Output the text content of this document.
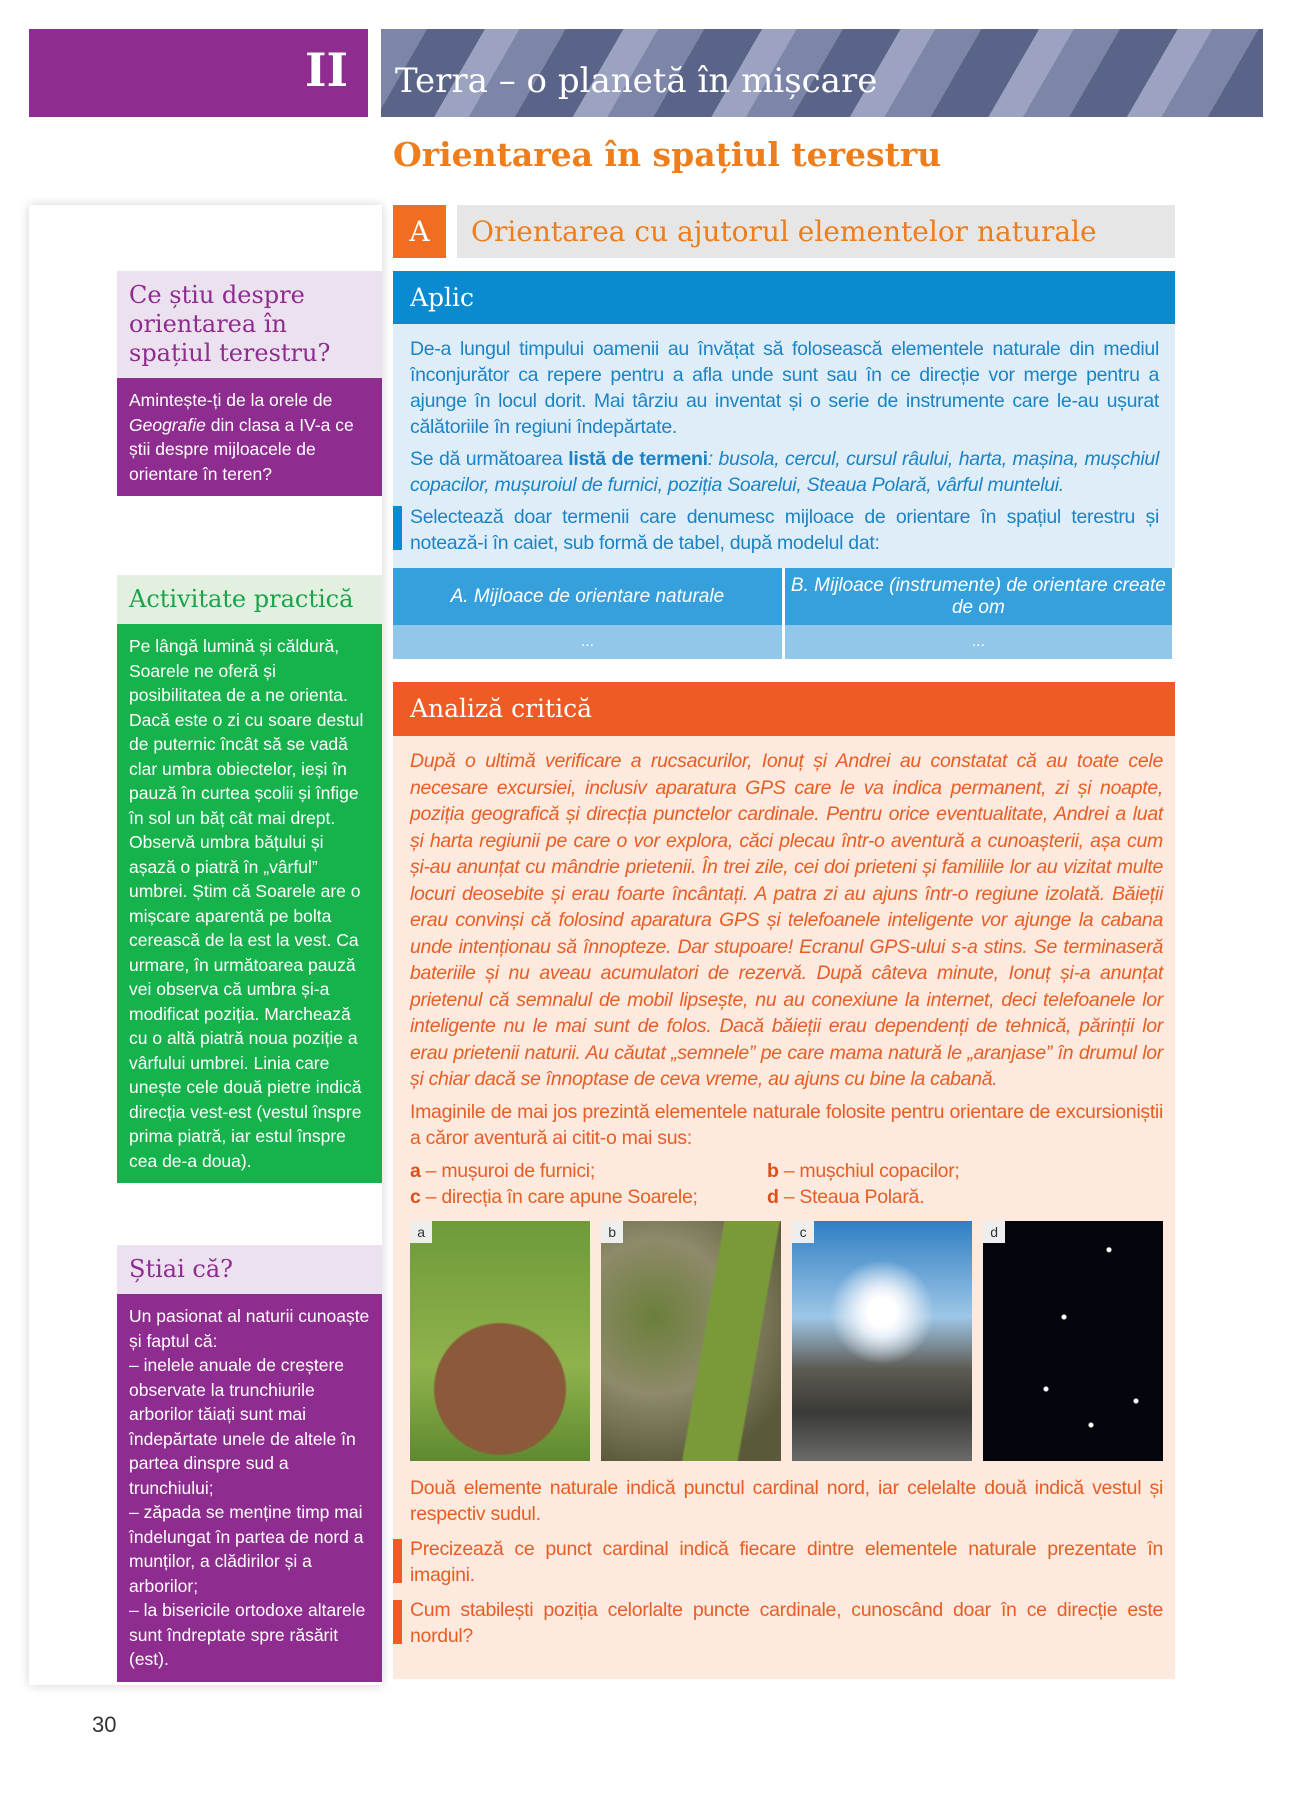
II	Terra – o planetă în mișcare
Orientarea în spațiul terestru
A	Orientarea cu ajutorul elementelor naturale
Aplic

De-a lungul timpului oamenii au învățat să folosească elementele naturale din mediul înconjurător ca repere pentru a afla unde sunt sau în ce direcție vor merge pentru a ajunge în locul dorit. Mai târziu au inventat și o serie de instrumente care le-au ușurat călătoriile în regiuni îndepărtate.

Se dă următoarea listă de termeni: busola, cercul, cursul râului, harta, mașina, mușchiul copacilor, mușuroiul de furnici, poziția Soarelui, Steaua Polară, vârful muntelui.

Selectează doar termenii care denumesc mijloace de orientare în spațiul terestru și notează-i în caiet, sub formă de tabel, după modelul dat:

A. Mijloace de orientare naturale	B. Mijloace (instrumente) de orientare create de om
...	...
Analiză critică

După o ultimă verificare a rucsacurilor, Ionuț și Andrei au constatat că au toate cele necesare excursiei, inclusiv aparatura GPS care le va indica permanent, zi și noapte, poziția geografică și direcția punctelor cardinale. Pentru orice eventualitate, Andrei a luat și harta regiunii pe care o vor explora, căci plecau într-o aventură a cunoașterii, așa cum și-au anunțat cu mândrie prietenii. În trei zile, cei doi prieteni și familiile lor au vizitat multe locuri deosebite și erau foarte încântați. A patra zi au ajuns într-o regiune izolată. Băieții erau convinși că folosind aparatura GPS și telefoanele inteligente vor ajunge la cabana unde intenționau să înnopteze. Dar stupoare! Ecranul GPS-ului s-a stins. Se terminaseră bateriile și nu aveau acumulatori de rezervă. După câteva minute, Ionuț și-a anunțat prietenul că semnalul de mobil lipsește, nu au conexiune la internet, deci telefoanele lor inteligente nu le mai sunt de folos. Dacă băieții erau dependenți de tehnică, părinții lor erau prietenii naturii. Au căutat „semnele” pe care mama natură le „aranjase” în drumul lor și chiar dacă se înnoptase de ceva vreme, au ajuns cu bine la cabană.

Imaginile de mai jos prezintă elementele naturale folosite pentru orientare de excursioniștii a căror aventură ai citit-o mai sus:

a – mușuroi de furnici;	b – mușchiul copacilor;
c – direcția în care apune Soarele;	d – Steaua Polară.
a	b	c	d

Două elemente naturale indică punctul cardinal nord, iar celelalte două indică vestul și respectiv sudul.

Precizează ce punct cardinal indică fiecare dintre elementele naturale prezentate în imagini.

Cum stabilești poziția celorlalte puncte cardinale, cunoscând doar în ce direcție este nordul?

Ce știu despre orientarea în spațiul terestru?
Amintește-ți de la orele de Geografie din clasa a IV-a ce știi despre mijloacele de orientare în teren?
Activitate practică
Pe lângă lumină și căldură, Soarele ne oferă și posibilitatea de a ne orienta. Dacă este o zi cu soare destul de puternic încât să se vadă clar umbra obiectelor, ieși în pauză în curtea școlii și înfige în sol un băț cât mai drept. Observă umbra bățului și așază o piatră în „vârful” umbrei. Știm că Soarele are o mișcare aparentă pe bolta cerească de la est la vest. Ca urmare, în următoarea pauză vei observa că umbra și-a modificat poziția. Marchează cu o altă piatră noua poziție a vârfului umbrei. Linia care unește cele două pietre indică direcția vest-est (vestul înspre prima piatră, iar estul înspre cea de-a doua).
Știai că?
Un pasionat al naturii cunoaște și faptul că:
– inelele anuale de creștere observate la trunchiurile arborilor tăiați sunt mai îndepărtate unele de altele în partea dinspre sud a trunchiului;
– zăpada se menține timp mai îndelungat în partea de nord a munților, a clădirilor și a arborilor;
– la bisericile ortodoxe altarele sunt îndreptate spre răsărit (est).
30
